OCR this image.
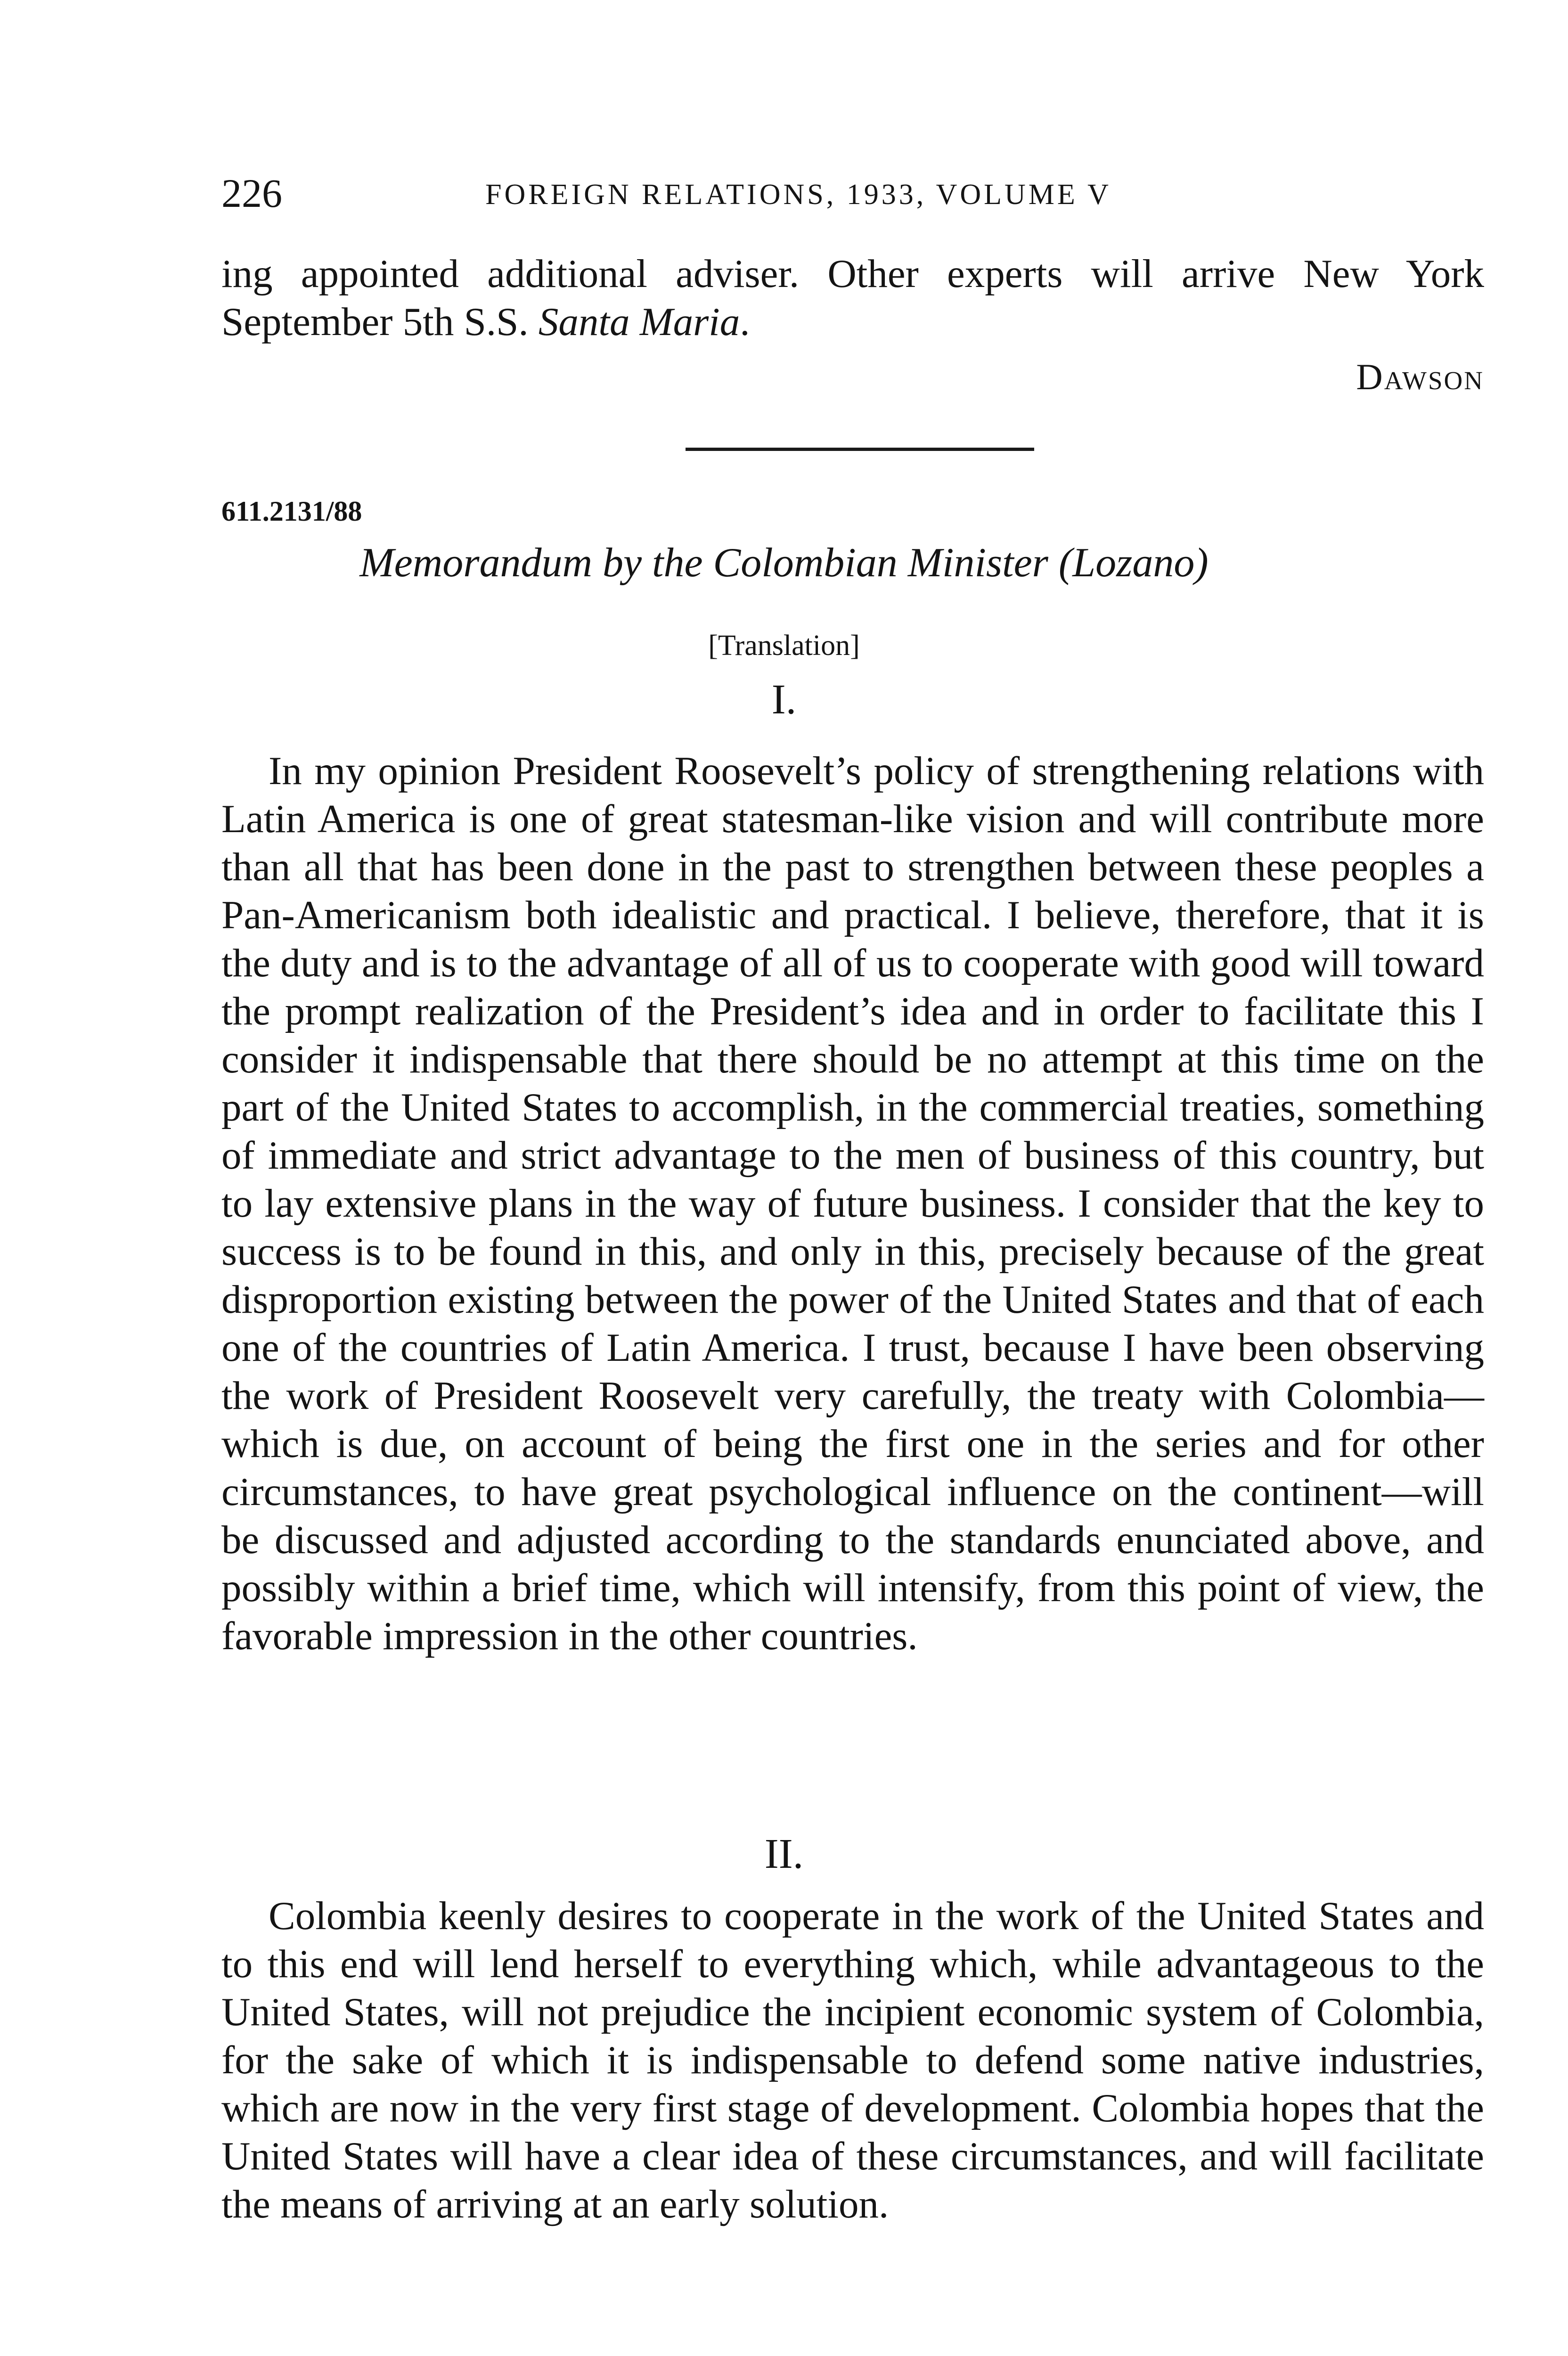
226	FOREIGN RELATIONS, 1933, VOLUME V

ing appointed additional adviser. Other experts will arrive New York September 5th S.S. Santa Maria.

Dawson
611.2131/88
Memorandum by the Colombian Minister (Lozano)
[Translation]
I.

In my opinion President Roosevelt’s policy of strengthening relations with Latin America is one of great statesman-like vision and will contribute more than all that has been done in the past to strengthen between these peoples a Pan-Americanism both idealistic and practical. I believe, therefore, that it is the duty and is to the advantage of all of us to cooperate with good will toward the prompt realization of the President’s idea and in order to facilitate this I consider it indispensable that there should be no attempt at this time on the part of the United States to accomplish, in the commercial treaties, something of immediate and strict advantage to the men of business of this country, but to lay extensive plans in the way of future business. I consider that the key to success is to be found in this, and only in this, precisely because of the great disproportion existing between the power of the United States and that of each one of the countries of Latin America. I trust, because I have been observing the work of President Roosevelt very carefully, the treaty with Colombia—which is due, on account of being the first one in the series and for other circumstances, to have great psychological influence on the continent—will be discussed and adjusted according to the standards enunciated above, and possibly within a brief time, which will intensify, from this point of view, the favorable impression in the other countries.

II.

Colombia keenly desires to cooperate in the work of the United States and to this end will lend herself to everything which, while advantageous to the United States, will not prejudice the incipient economic system of Colombia, for the sake of which it is indispensable to defend some native industries, which are now in the very first stage of development. Colombia hopes that the United States will have a clear idea of these circumstances, and will facilitate the means of arriving at an early solution.
